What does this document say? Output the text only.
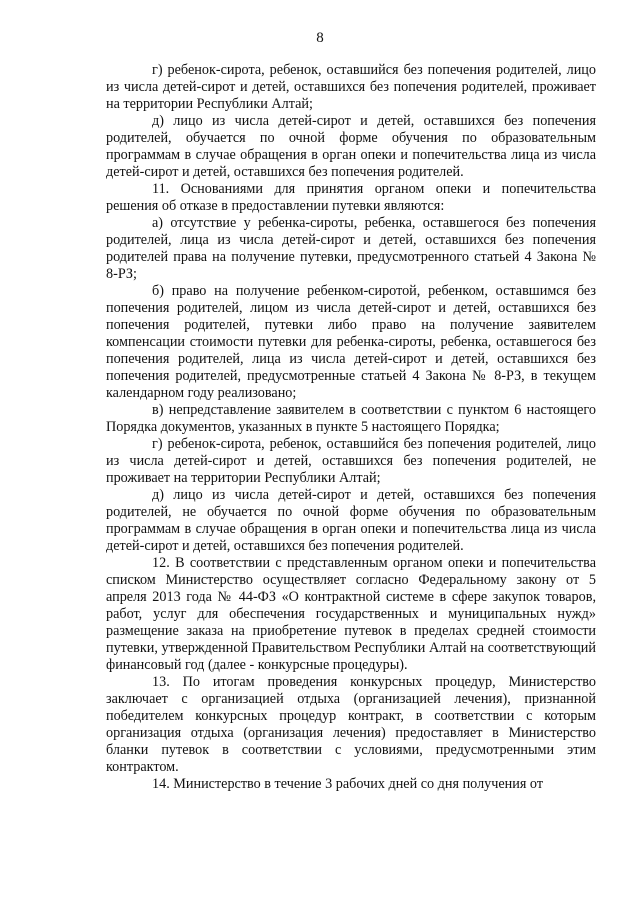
8

г) ребенок-сирота, ребенок, оставшийся без попечения родителей, лицо из числа детей-сирот и детей, оставшихся без попечения родителей, проживает на территории Республики Алтай;

д) лицо из числа детей-сирот и детей, оставшихся без попечения родителей, обучается по очной форме обучения по образовательным программам в случае обращения в орган опеки и попечительства лица из числа детей-сирот и детей, оставшихся без попечения родителей.

11. Основаниями для принятия органом опеки и попечительства решения об отказе в предоставлении путевки являются:

а) отсутствие у ребенка-сироты, ребенка, оставшегося без попечения родителей, лица из числа детей-сирот и детей, оставшихся без попечения родителей права на получение путевки, предусмотренного статьей 4 Закона № 8-РЗ;

б) право на получение ребенком-сиротой, ребенком, оставшимся без попечения родителей, лицом из числа детей-сирот и детей, оставшихся без попечения родителей, путевки либо право на получение заявителем компенсации стоимости путевки для ребенка-сироты, ребенка, оставшегося без попечения родителей, лица из числа детей-сирот и детей, оставшихся без попечения родителей, предусмотренные статьей 4 Закона № 8-РЗ, в текущем календарном году реализовано;

в) непредставление заявителем в соответствии с пунктом 6 настоящего Порядка документов, указанных в пункте 5 настоящего Порядка;

г) ребенок-сирота, ребенок, оставшийся без попечения родителей, лицо из числа детей-сирот и детей, оставшихся без попечения родителей, не проживает на территории Республики Алтай;

д) лицо из числа детей-сирот и детей, оставшихся без попечения родителей, не обучается по очной форме обучения по образовательным программам в случае обращения в орган опеки и попечительства лица из числа детей-сирот и детей, оставшихся без попечения родителей.

12. В соответствии с представленным органом опеки и попечительства списком Министерство осуществляет согласно Федеральному закону от 5 апреля 2013 года № 44-ФЗ «О контрактной системе в сфере закупок товаров, работ, услуг для обеспечения государственных и муниципальных нужд» размещение заказа на приобретение путевок в пределах средней стоимости путевки, утвержденной Правительством Республики Алтай на соответствующий финансовый год (далее - конкурсные процедуры).

13. По итогам проведения конкурсных процедур, Министерство заключает с организацией отдыха (организацией лечения), признанной победителем конкурсных процедур контракт, в соответствии с которым организация отдыха (организация лечения) предоставляет в Министерство бланки путевок в соответствии с условиями, предусмотренными этим контрактом.

14. Министерство в течение 3 рабочих дней со дня получения от
